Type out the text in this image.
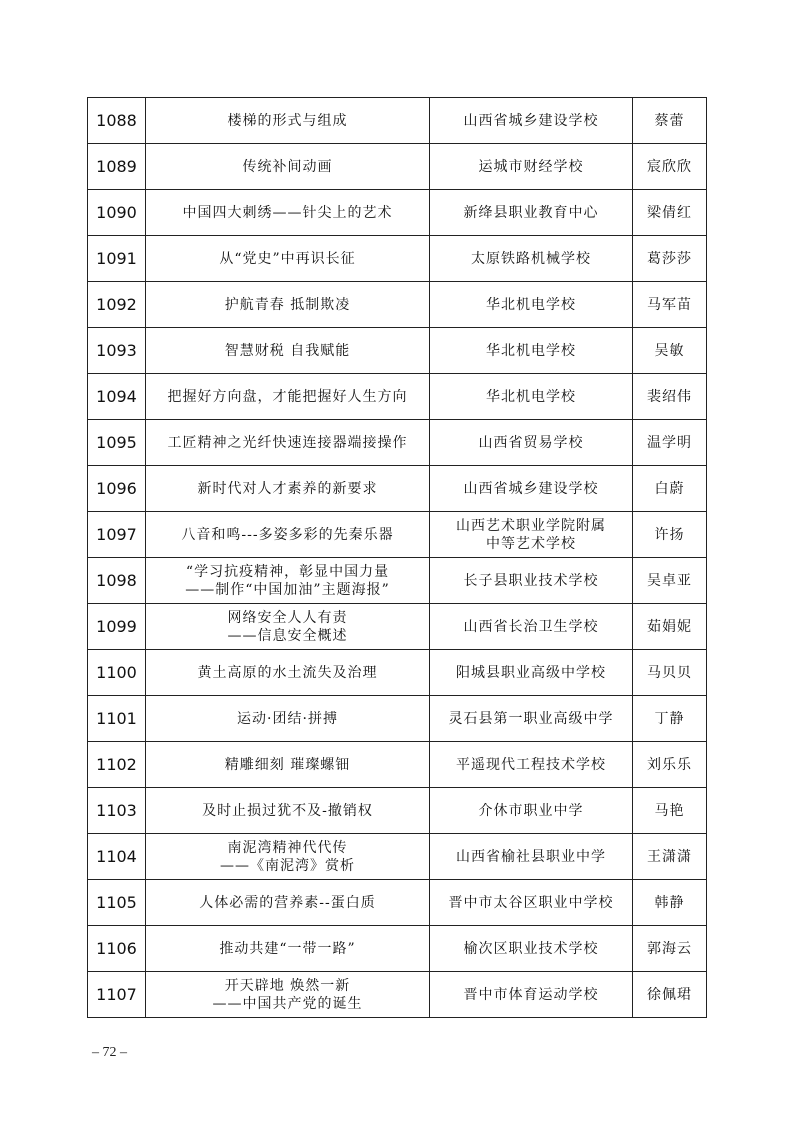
1088	楼梯的形式与组成	山西省城乡建设学校	蔡蕾
1089	传统补间动画	运城市财经学校	宸欣欣
1090	中国四大刺绣——针尖上的艺术	新绛县职业教育中心	梁倩红
1091	从“党史”中再识长征	太原铁路机械学校	葛莎莎
1092	护航青春 抵制欺凌	华北机电学校	马军苗
1093	智慧财税 自我赋能	华北机电学校	吴敏
1094	把握好方向盘，才能把握好人生方向	华北机电学校	裴绍伟
1095	工匠精神之光纤快速连接器端接操作	山西省贸易学校	温学明
1096	新时代对人才素养的新要求	山西省城乡建设学校	白蔚
1097	八音和鸣---多姿多彩的先秦乐器	山西艺术职业学院附属
中等艺术学校	许扬
1098	“学习抗疫精神，彰显中国力量
——制作“中国加油”主题海报”	长子县职业技术学校	吴卓亚
1099	网络安全人人有责
——信息安全概述	山西省长治卫生学校	茹娟妮
1100	黄土高原的水土流失及治理	阳城县职业高级中学校	马贝贝
1101	运动·团结·拼搏	灵石县第一职业高级中学	丁静
1102	精雕细刻 璀璨螺钿	平遥现代工程技术学校	刘乐乐
1103	及时止损过犹不及-撤销权	介休市职业中学	马艳
1104	南泥湾精神代代传
——《南泥湾》赏析	山西省榆社县职业中学	王潇潇
1105	人体必需的营养素--蛋白质	晋中市太谷区职业中学校	韩静
1106	推动共建“一带一路”	榆次区职业技术学校	郭海云
1107	开天辟地 焕然一新
——中国共产党的诞生	晋中市体育运动学校	徐佩珺
– 72 –
